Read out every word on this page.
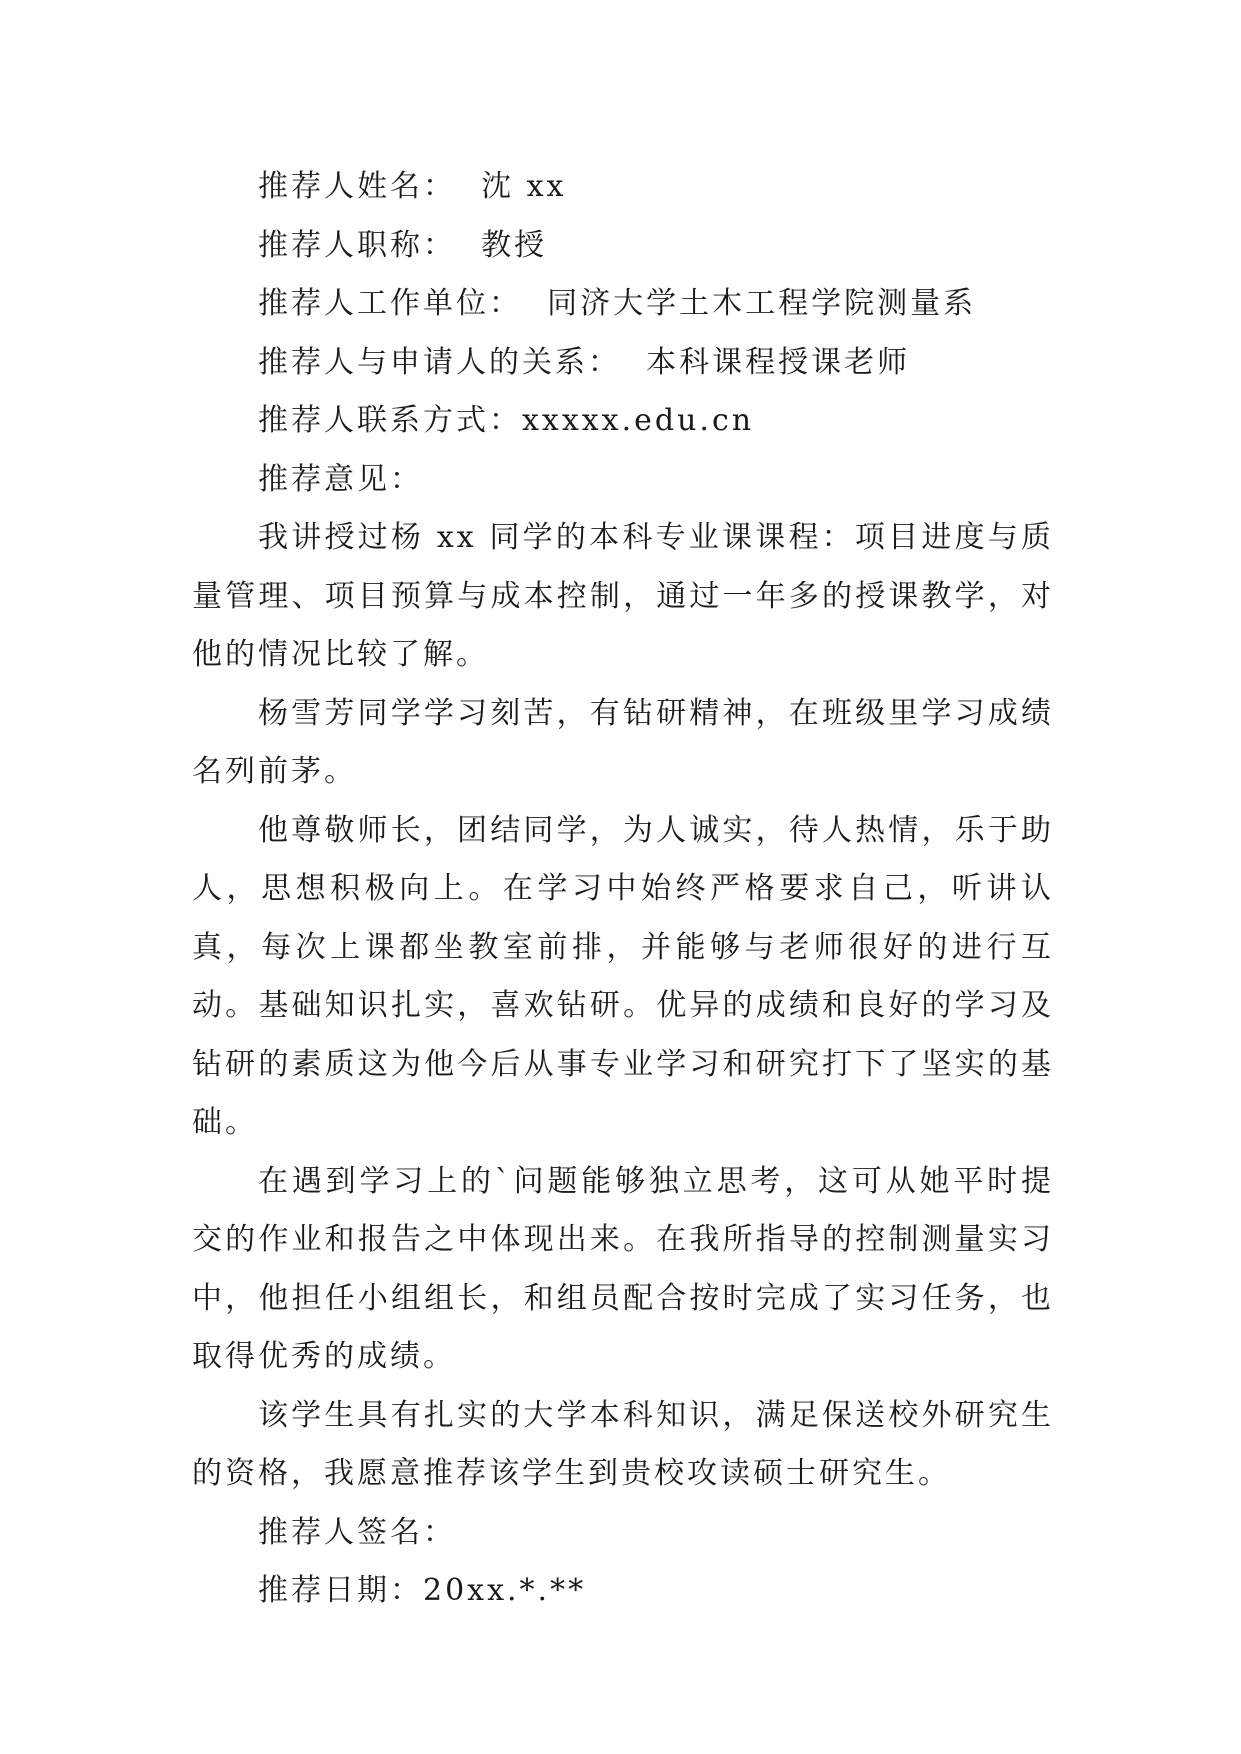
推荐人姓名： 沈 xx

推荐人职称： 教授

推荐人工作单位： 同济大学土木工程学院测量系

推荐人与申请人的关系： 本科课程授课老师

推荐人联系方式：xxxxx.edu.cn

推荐意见：

我讲授过杨 xx 同学的本科专业课课程：项目进度与质量管理、项目预算与成本控制，通过一年多的授课教学，对他的情况比较了解。

杨雪芳同学学习刻苦，有钻研精神，在班级里学习成绩名列前茅。

他尊敬师长，团结同学，为人诚实，待人热情，乐于助人，思想积极向上。在学习中始终严格要求自己，听讲认真，每次上课都坐教室前排，并能够与老师很好的进行互动。基础知识扎实，喜欢钻研。优异的成绩和良好的学习及钻研的素质这为他今后从事专业学习和研究打下了坚实的基础。

在遇到学习上的`问题能够独立思考，这可从她平时提交的作业和报告之中体现出来。在我所指导的控制测量实习中，他担任小组组长，和组员配合按时完成了实习任务，也取得优秀的成绩。

该学生具有扎实的大学本科知识，满足保送校外研究生的资格，我愿意推荐该学生到贵校攻读硕士研究生。

推荐人签名：

推荐日期：20xx.*.**
